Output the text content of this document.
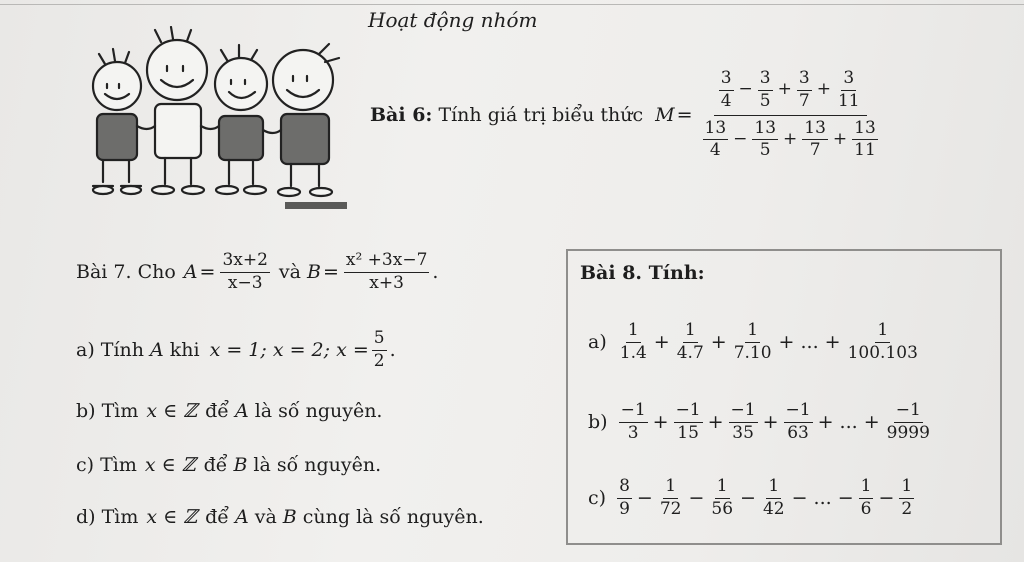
Hoạt động nhóm
Bài 6: Tính giá trị biểu thức $M = \frac{\frac{3}{4} - \frac{3}{5} + \frac{3}{7} + \frac{3}{11}}{\frac{13}{4} - \frac{13}{5} + \frac{13}{7} + \frac{13}{11}}$
Bài 7. Cho $A = \frac{3x+2}{x-3}$ và $B = \frac{\text{x² +3x−7}}{x+3}$ .
a) Tính A khi x = 1; x = 2; $x = \frac{5}{2}$ .
b) Tìm x ∈ ℤ để A là số nguyên.
c) Tìm x ∈ ℤ để B là số nguyên.
d) Tìm x ∈ ℤ để A và B cùng là số nguyên.
Bài 8. Tính:
$a) \frac{1}{1.4} + \frac{1}{4.7} + \frac{1}{7.10}$ + ... + $\frac{1}{100.103}$
$b) \frac{-1}{3} + \frac{-1}{15} + \frac{-1}{35} + \frac{-1}{63}$ + ... + $\frac{-1}{9999}$
$c) \frac{8}{9} - \frac{1}{72} - \frac{1}{56} - \frac{1}{42}$ − ... − $\frac{1}{6} - \frac{1}{2}$
